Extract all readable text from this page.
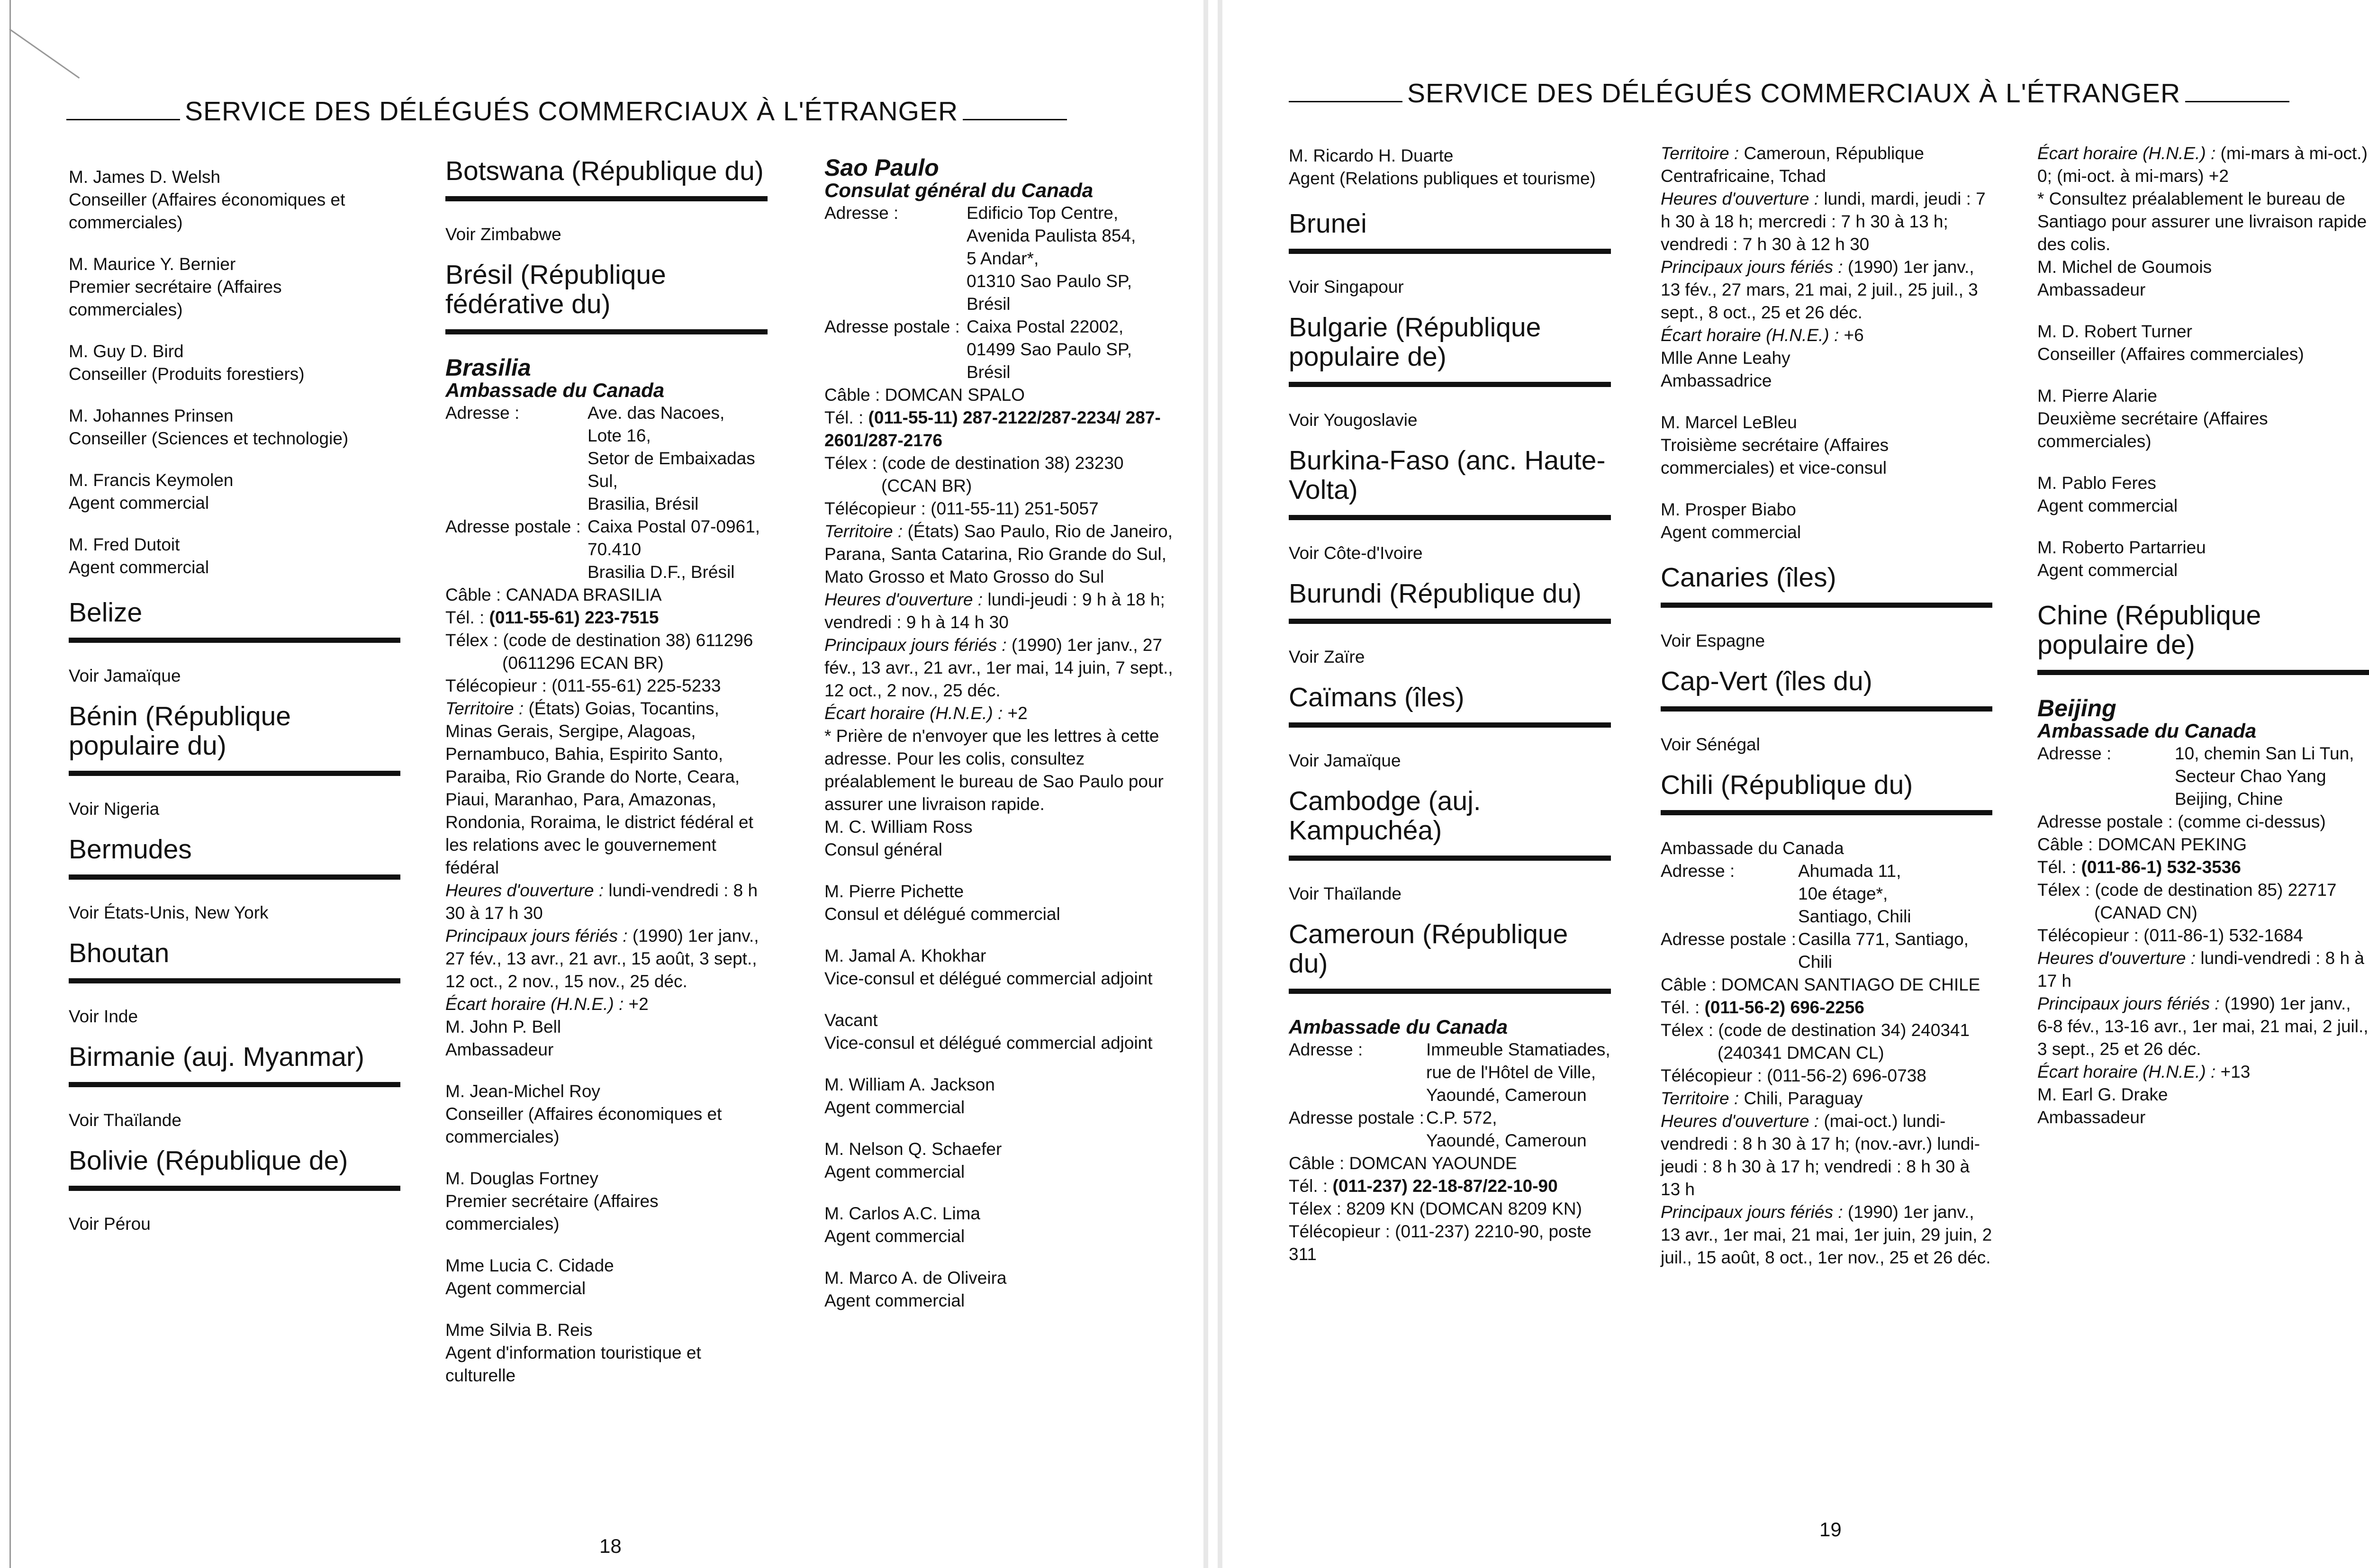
SERVICE DES DÉLÉGUÉS COMMERCIAUX À L'ÉTRANGER

M. James D. Welsh

Conseiller (Affaires économiques et commerciales)

M. Maurice Y. Bernier

Premier secrétaire (Affaires commerciales)

M. Guy D. Bird

Conseiller (Produits forestiers)

M. Johannes Prinsen

Conseiller (Sciences et technologie)

M. Francis Keymolen

Agent commercial

M. Fred Dutoit

Agent commercial

Belize

Voir Jamaïque

Bénin (République populaire du)

Voir Nigeria

Bermudes

Voir États-Unis, New York

Bhoutan

Voir Inde

Birmanie (auj. Myanmar)

Voir Thaïlande

Bolivie (République de)

Voir Pérou

Botswana (République du)

Voir Zimbabwe

Brésil (République fédérative du)

Brasilia

Ambassade du Canada

Adresse :	Ave. das Nacoes,

Lote 16,

Setor de Embaixadas

Sul,

Brasilia, Brésil

Adresse postale : Caixa Postal 07-0961,

70.410

Brasilia D.F., Brésil

Câble : CANADA BRASILIA

Tél. : (011-55-61) 223-7515

Télex : (code de destination 38) 611296

(0611296 ECAN BR)

Télécopieur : (011-55-61) 225-5233

Territoire : (États) Goias, Tocantins, Minas Gerais, Sergipe, Alagoas, Pernambuco, Bahia, Espirito Santo, Paraiba, Rio Grande do Norte, Ceara, Piaui, Maranhao, Para, Amazonas, Rondonia, Roraima, le district fédéral et les relations avec le gouvernement fédéral

Heures d'ouverture : lundi-vendredi : 8 h 30 à 17 h 30

Principaux jours fériés : (1990) 1er janv., 27 fév., 13 avr., 21 avr., 15 août, 3 sept., 12 oct., 2 nov., 15 nov., 25 déc.

Écart horaire (H.N.E.) : +2

M. John P. Bell

Ambassadeur

M. Jean-Michel Roy

Conseiller (Affaires économiques et commerciales)

M. Douglas Fortney

Premier secrétaire (Affaires commerciales)

Mme Lucia C. Cidade

Agent commercial

Mme Silvia B. Reis

Agent d'information touristique et culturelle

Sao Paulo

Consulat général du Canada

Adresse :	Edificio Top Centre,

Avenida Paulista 854,

5 Andar*,

01310 Sao Paulo SP,

Brésil

Adresse postale : Caixa Postal 22002,

01499 Sao Paulo SP,

Brésil

Câble : DOMCAN SPALO

Tél. : (011-55-11) 287-2122/287-2234/ 287-2601/287-2176

Télex : (code de destination 38) 23230

(CCAN BR)

Télécopieur : (011-55-11) 251-5057

Territoire : (États) Sao Paulo, Rio de Janeiro, Parana, Santa Catarina, Rio Grande do Sul, Mato Grosso et Mato Grosso do Sul

Heures d'ouverture : lundi-jeudi : 9 h à 18 h; vendredi : 9 h à 14 h 30

Principaux jours fériés : (1990) 1er janv., 27 fév., 13 avr., 21 avr., 1er mai, 14 juin, 7 sept., 12 oct., 2 nov., 25 déc.

Écart horaire (H.N.E.) : +2

* Prière de n'envoyer que les lettres à cette adresse. Pour les colis, consultez préalablement le bureau de Sao Paulo pour assurer une livraison rapide.

M. C. William Ross

Consul général

M. Pierre Pichette

Consul et délégué commercial

M. Jamal A. Khokhar

Vice-consul et délégué commercial adjoint

Vacant

Vice-consul et délégué commercial adjoint

M. William A. Jackson

Agent commercial

M. Nelson Q. Schaefer

Agent commercial

M. Carlos A.C. Lima

Agent commercial

M. Marco A. de Oliveira

Agent commercial

18
SERVICE DES DÉLÉGUÉS COMMERCIAUX À L'ÉTRANGER

M. Ricardo H. Duarte

Agent (Relations publiques et tourisme)

Brunei

Voir Singapour

Bulgarie (République populaire de)

Voir Yougoslavie

Burkina-Faso (anc. Haute-Volta)

Voir Côte-d'Ivoire

Burundi (République du)

Voir Zaïre

Caïmans (îles)

Voir Jamaïque

Cambodge (auj. Kampuchéa)

Voir Thaïlande

Cameroun (République du)

Ambassade du Canada

Adresse :	Immeuble Stamatiades,

rue de l'Hôtel de Ville,

Yaoundé, Cameroun

Adresse postale : C.P. 572,

Yaoundé, Cameroun

Câble : DOMCAN YAOUNDE

Tél. : (011-237) 22-18-87/22-10-90

Télex : 8209 KN (DOMCAN 8209 KN)

Télécopieur : (011-237) 2210-90, poste 311

Territoire : Cameroun, République Centrafricaine, Tchad

Heures d'ouverture : lundi, mardi, jeudi : 7 h 30 à 18 h; mercredi : 7 h 30 à 13 h; vendredi : 7 h 30 à 12 h 30

Principaux jours fériés : (1990) 1er janv., 13 fév., 27 mars, 21 mai, 2 juil., 25 juil., 3 sept., 8 oct., 25 et 26 déc.

Écart horaire (H.N.E.) : +6

Mlle Anne Leahy

Ambassadrice

M. Marcel LeBleu

Troisième secrétaire (Affaires commerciales) et vice-consul

M. Prosper Biabo

Agent commercial

Canaries (îles)

Voir Espagne

Cap-Vert (îles du)

Voir Sénégal

Chili (République du)

Ambassade du Canada

Adresse :	Ahumada 11,

10e étage*,

Santiago, Chili

Adresse postale : Casilla 771, Santiago,

Chili

Câble : DOMCAN SANTIAGO DE CHILE

Tél. : (011-56-2) 696-2256

Télex : (code de destination 34) 240341

(240341 DMCAN CL)

Télécopieur : (011-56-2) 696-0738

Territoire : Chili, Paraguay

Heures d'ouverture : (mai-oct.) lundi-vendredi : 8 h 30 à 17 h; (nov.-avr.) lundi-jeudi : 8 h 30 à 17 h; vendredi : 8 h 30 à 13 h

Principaux jours fériés : (1990) 1er janv., 13 avr., 1er mai, 21 mai, 1er juin, 29 juin, 2 juil., 15 août, 8 oct., 1er nov., 25 et 26 déc.

Écart horaire (H.N.E.) : (mi-mars à mi-oct.) 0; (mi-oct. à mi-mars) +2

* Consultez préalablement le bureau de Santiago pour assurer une livraison rapide des colis.

M. Michel de Goumois

Ambassadeur

M. D. Robert Turner

Conseiller (Affaires commerciales)

M. Pierre Alarie

Deuxième secrétaire (Affaires commerciales)

M. Pablo Feres

Agent commercial

M. Roberto Partarrieu

Agent commercial

Chine (République populaire de)

Beijing

Ambassade du Canada

Adresse :	10, chemin San Li Tun,

Secteur Chao Yang

Beijing, Chine

Adresse postale : (comme ci-dessus)

Câble : DOMCAN PEKING

Tél. : (011-86-1) 532-3536

Télex : (code de destination 85) 22717

(CANAD CN)

Télécopieur : (011-86-1) 532-1684

Heures d'ouverture : lundi-vendredi : 8 h à 17 h

Principaux jours fériés : (1990) 1er janv., 6-8 fév., 13-16 avr., 1er mai, 21 mai, 2 juil., 3 sept., 25 et 26 déc.

Écart horaire (H.N.E.) : +13

M. Earl G. Drake

Ambassadeur

19
